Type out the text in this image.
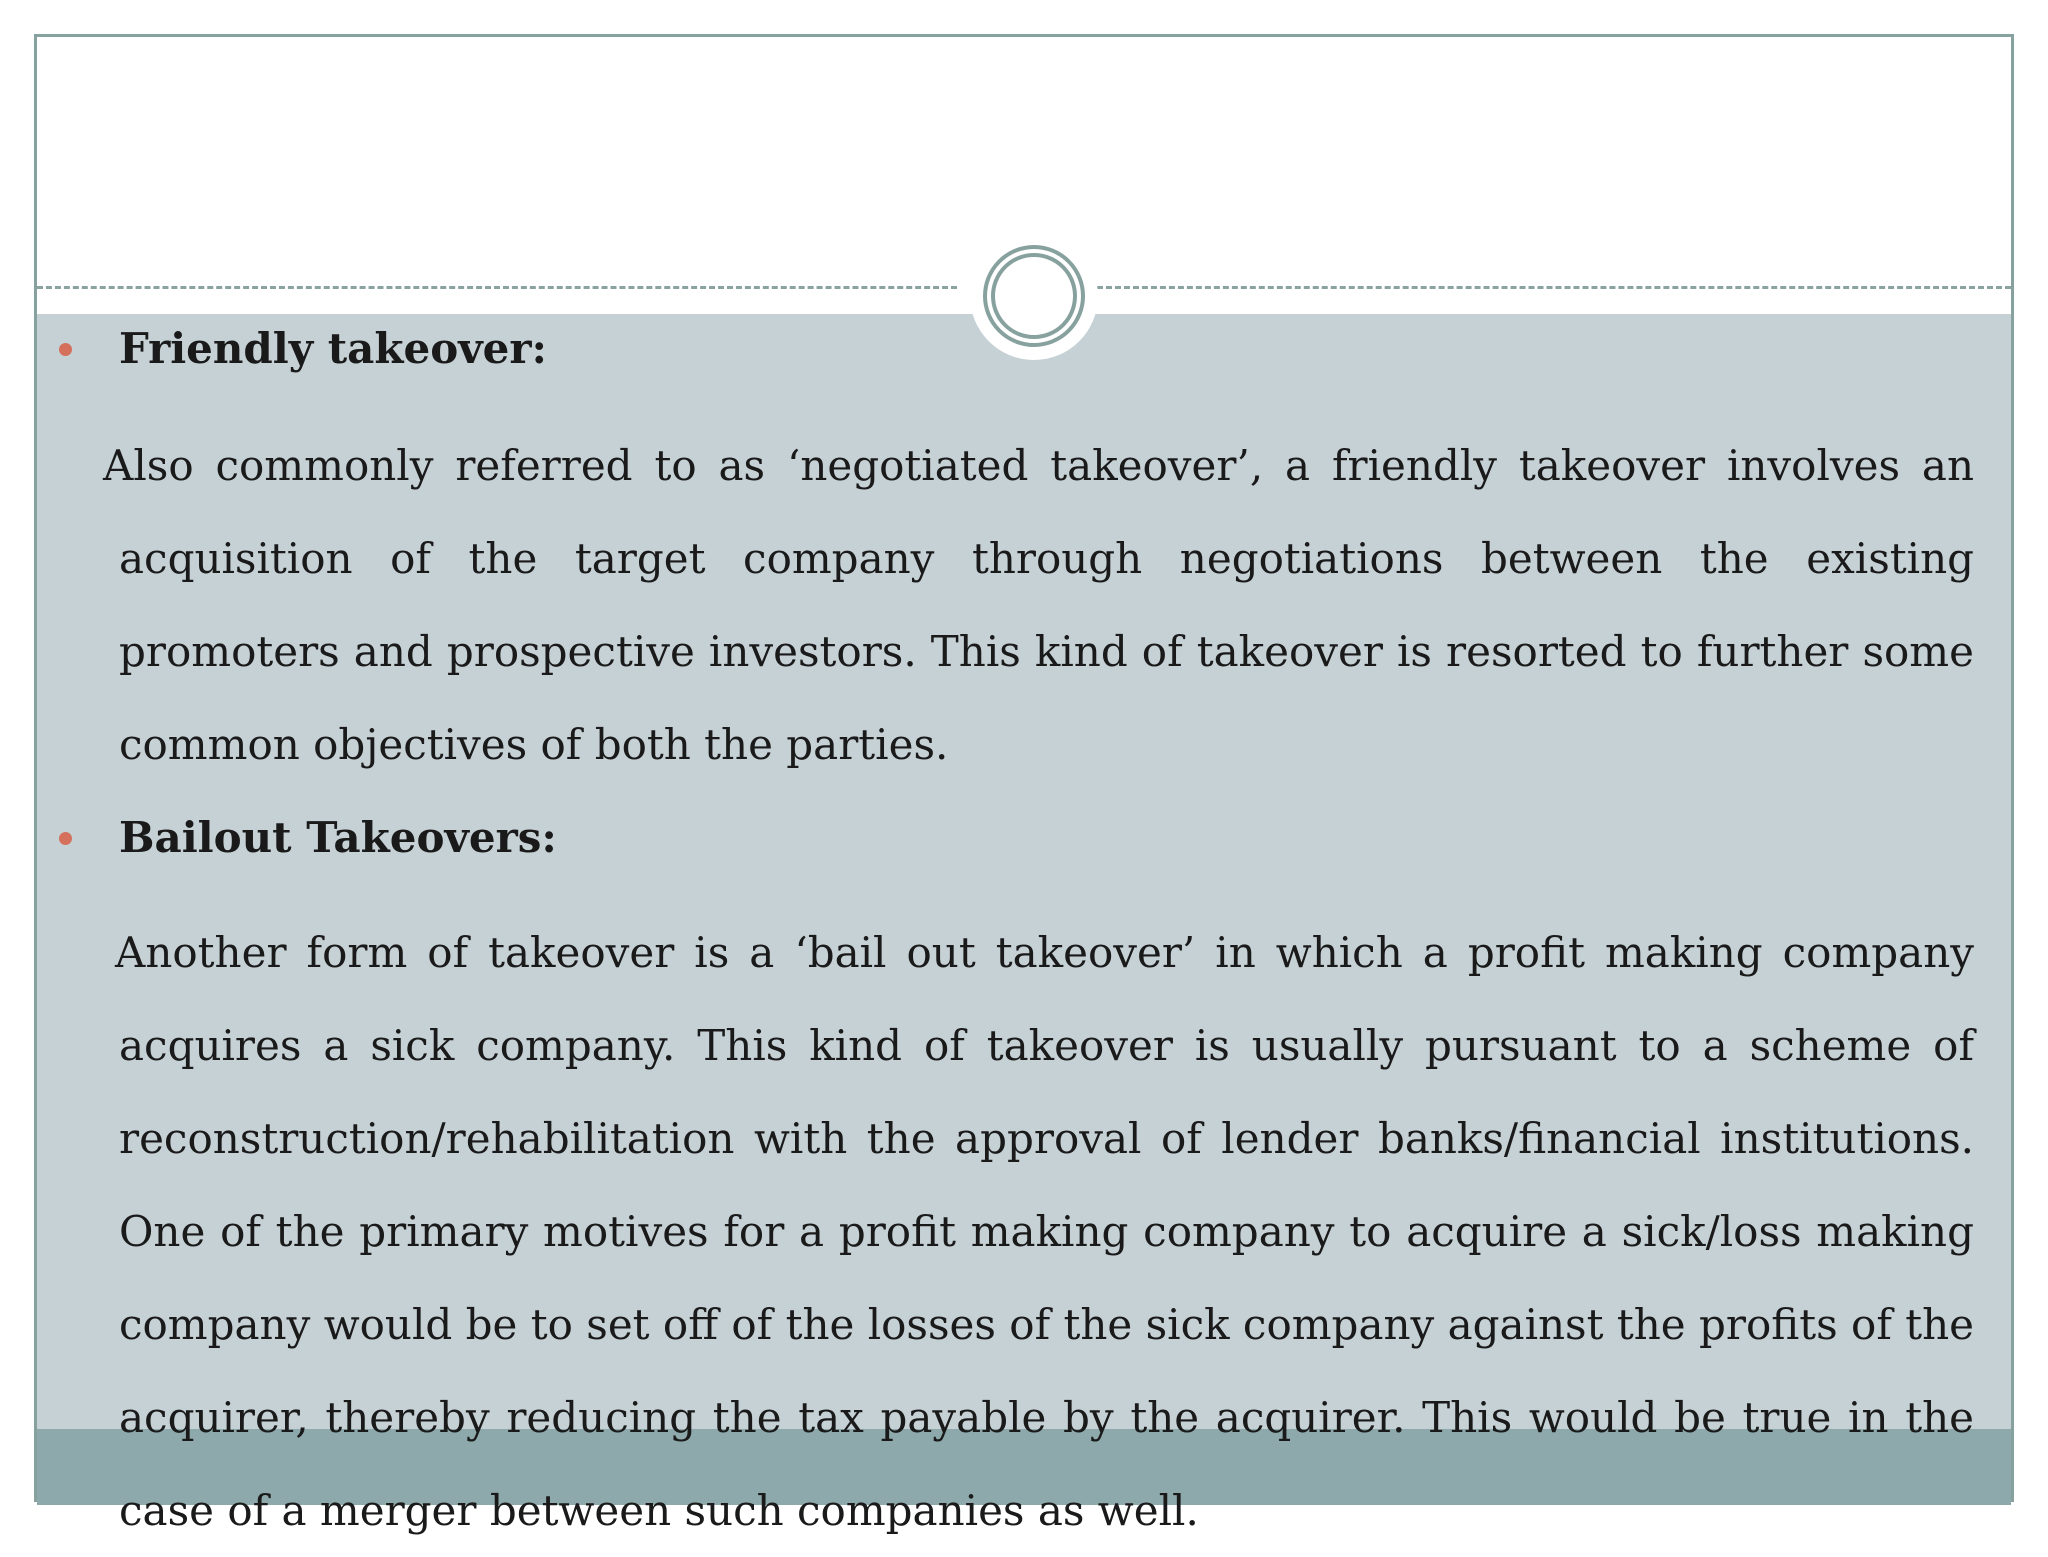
Friendly takeover:

Also commonly referred to as ‘negotiated takeover’, a friendly takeover involves an acquisition of the target company through negotiations between the existing promoters and prospective investors. This kind of takeover is resorted to further some common objectives of both the parties.

Bailout Takeovers:

Another form of takeover is a ‘bail out takeover’ in which a profit making company acquires a sick company. This kind of takeover is usually pursuant to a scheme of reconstruction/rehabilitation with the approval of lender banks/financial institutions. One of the primary motives for a profit making company to acquire a sick/loss making company would be to set off of the losses of the sick company against the profits of the acquirer, thereby reducing the tax payable by the acquirer. This would be true in the case of a merger between such companies as well.
